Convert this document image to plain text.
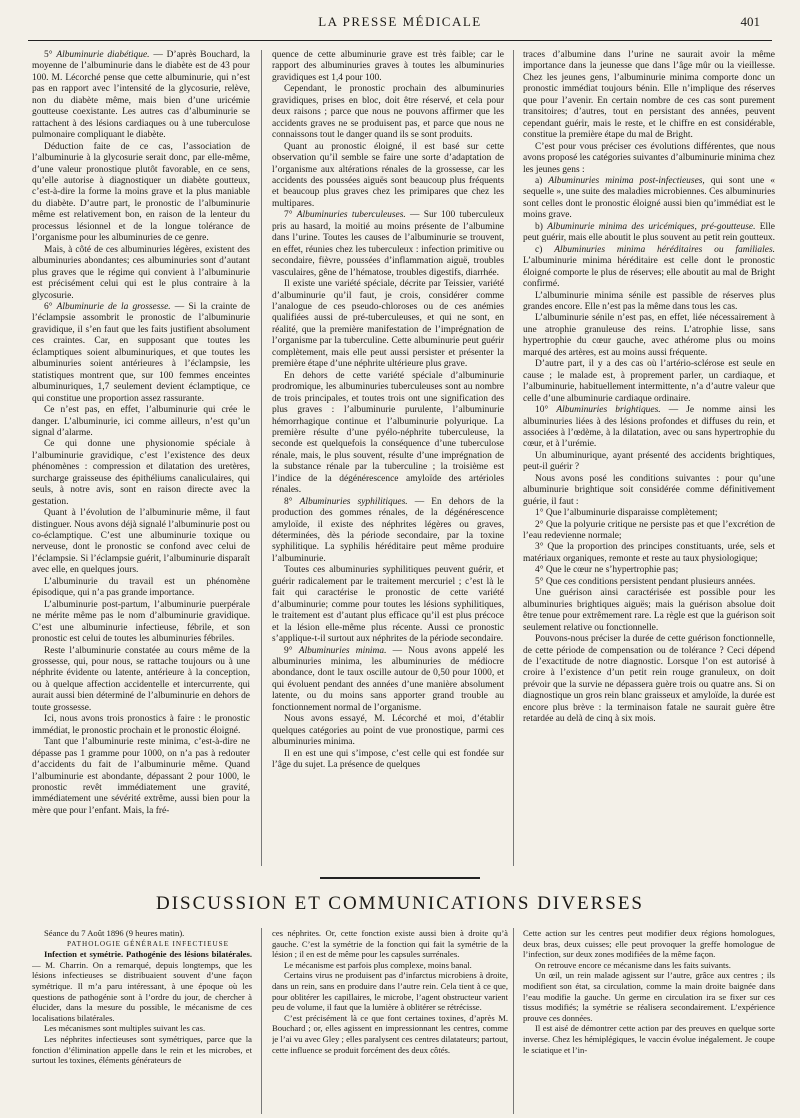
LA PRESSE MÉDICALE	401

5° Albuminurie diabétique. — D’après Bouchard, la moyenne de l’albuminurie dans le diabète est de 43 pour 100. M. Lécorché pense que cette albuminurie, qui n’est pas en rapport avec l’intensité de la glycosurie, relève, non du diabète même, mais bien d’une uricémie goutteuse coexistante. Les autres cas d’albuminurie se rattachent à des lésions cardiaques ou à une tuberculose pulmonaire compliquant le diabète.

Déduction faite de ce cas, l’association de l’albuminurie à la glycosurie serait donc, par elle-même, d’une valeur pronostique plutôt favorable, en ce sens, qu’elle autorise à diagnostiquer un diabète goutteux, c’est-à-dire la forme la moins grave et la plus maniable du diabète. D’autre part, le pronostic de l’albuminurie même est relativement bon, en raison de la lenteur du processus lésionnel et de la longue tolérance de l’organisme pour les albuminuries de ce genre.

Mais, à côté de ces albuminuries légères, existent des albuminuries abondantes; ces albuminuries sont d’autant plus graves que le régime qui convient à l’albuminurie est précisément celui qui est le plus contraire à la glycosurie.

6° Albuminurie de la grossesse. — Si la crainte de l’éclampsie assombrit le pronostic de l’albuminurie gravidique, il s’en faut que les faits justifient absolument ces craintes. Car, en supposant que toutes les éclamptiques soient albuminuriques, et que toutes les albuminuries soient antérieures à l’éclampsie, les statistiques montrent que, sur 100 femmes enceintes albuminuriques, 1,7 seulement devient éclamptique, ce qui constitue une proportion assez rassurante.

Ce n’est pas, en effet, l’albuminurie qui crée le danger. L’albuminurie, ici comme ailleurs, n’est qu’un signal d’alarme.

Ce qui donne une physionomie spéciale à l’albuminurie gravidique, c’est l’existence des deux phénomènes : compression et dilatation des uretères, surcharge graisseuse des épithéliums canaliculaires, qui seuls, à notre avis, sont en raison directe avec la gestation.

Quant à l’évolution de l’albuminurie même, il faut distinguer. Nous avons déjà signalé l’albuminurie post ou co-éclamptique. C’est une albuminurie toxique ou nerveuse, dont le pronostic se confond avec celui de l’éclampsie. Si l’éclampsie guérit, l’albuminurie disparaît avec elle, en quelques jours.

L’albuminurie du travail est un phénomène épisodique, qui n’a pas grande importance.

L’albuminurie post-partum, l’albuminurie puerpérale ne mérite même pas le nom d’albuminurie gravidique. C’est une albuminurie infectieuse, fébrile, et son pronostic est celui de toutes les albuminuries fébriles.

Reste l’albuminurie constatée au cours même de la grossesse, qui, pour nous, se rattache toujours ou à une néphrite évidente ou latente, antérieure à la conception, ou à quelque affection accidentelle et intercurrente, qui aurait aussi bien déterminé de l’albuminurie en dehors de toute grossesse.

Ici, nous avons trois pronostics à faire : le pronostic immédiat, le pronostic prochain et le pronostic éloigné.

Tant que l’albuminurie reste minima, c’est-à-dire ne dépasse pas 1 gramme pour 1000, on n’a pas à redouter d’accidents du fait de l’albuminurie même. Quand l’albuminurie est abondante, dépassant 2 pour 1000, le pronostic revêt immédiatement une gravité, immédiatement une sévérité extrême, aussi bien pour la mère que pour l’enfant. Mais, la fré-

quence de cette albuminurie grave est très faible; car le rapport des albuminuries graves à toutes les albuminuries gravidiques est 1,4 pour 100.

Cependant, le pronostic prochain des albuminuries gravidiques, prises en bloc, doit être réservé, et cela pour deux raisons ; parce que nous ne pouvons affirmer que les accidents graves ne se produisent pas, et parce que nous ne connaissons tout le danger quand ils se sont produits.

Quant au pronostic éloigné, il est basé sur cette observation qu’il semble se faire une sorte d’adaptation de l’organisme aux altérations rénales de la grossesse, car les accidents des poussées aiguës sont beaucoup plus fréquents et beaucoup plus graves chez les primipares que chez les multipares.

7° Albuminuries tuberculeuses. — Sur 100 tuberculeux pris au hasard, la moitié au moins présente de l’albumine dans l’urine. Toutes les causes de l’albuminurie se trouvent, en effet, réunies chez les tuberculeux : infection primitive ou secondaire, fièvre, poussées d’inflammation aiguë, troubles vasculaires, gêne de l’hématose, troubles digestifs, diarrhée.

Il existe une variété spéciale, décrite par Teissier, variété d’albuminurie qu’il faut, je crois, considérer comme l’analogue de ces pseudo-chloroses ou de ces anémies qualifiées aussi de pré-tuberculeuses, et qui ne sont, en réalité, que la première manifestation de l’imprégnation de l’organisme par la tuberculine. Cette albuminurie peut guérir complètement, mais elle peut aussi persister et présenter la première étape d’une néphrite ultérieure plus grave.

En dehors de cette variété spéciale d’albuminurie prodromique, les albuminuries tuberculeuses sont au nombre de trois principales, et toutes trois ont une signification des plus graves : l’albuminurie purulente, l’albuminurie hémorrhagique continue et l’albuminurie polyurique. La première résulte d’une pyélo-néphrite tuberculeuse, la seconde est quelquefois la conséquence d’une tuberculose rénale, mais, le plus souvent, résulte d’une imprégnation de la substance rénale par la tuberculine ; la troisième est l’indice de la dégénérescence amyloïde des artérioles rénales.

8° Albuminuries syphilitiques. — En dehors de la production des gommes rénales, de la dégénérescence amyloïde, il existe des néphrites légères ou graves, déterminées, dès la période secondaire, par la toxine syphilitique. La syphilis héréditaire peut même produire l’albuminurie.

Toutes ces albuminuries syphilitiques peuvent guérir, et guérir radicalement par le traitement mercuriel ; c’est là le fait qui caractérise le pronostic de cette variété d’albuminurie; comme pour toutes les lésions syphilitiques, le traitement est d’autant plus efficace qu’il est plus précoce et la lésion elle-même plus récente. Aussi ce pronostic s’applique-t-il surtout aux néphrites de la période secondaire.

9° Albuminuries minima. — Nous avons appelé les albuminuries minima, les albuminuries de médiocre abondance, dont le taux oscille autour de 0,50 pour 1000, et qui évoluent pendant des années d’une manière absolument latente, ou du moins sans apporter grand trouble au fonctionnement normal de l’organisme.

Nous avons essayé, M. Lécorché et moi, d’établir quelques catégories au point de vue pronostique, parmi ces albuminuries minima.

Il en est une qui s’impose, c’est celle qui est fondée sur l’âge du sujet. La présence de quelques

traces d’albumine dans l’urine ne saurait avoir la même importance dans la jeunesse que dans l’âge mûr ou la vieillesse. Chez les jeunes gens, l’albuminurie minima comporte donc un pronostic immédiat toujours bénin. Elle n’implique des réserves que pour l’avenir. En certain nombre de ces cas sont purement transitoires; d’autres, tout en persistant des années, peuvent cependant guérir, mais le reste, et le chiffre en est considérable, constitue la première étape du mal de Bright.

C’est pour vous préciser ces évolutions différentes, que nous avons proposé les catégories suivantes d’albuminurie minima chez les jeunes gens :

a) Albuminuries minima post-infectieuses, qui sont une « sequelle », une suite des maladies microbiennes. Ces albuminuries sont celles dont le pronostic éloigné aussi bien qu’immédiat est le moins grave.

b) Albuminurie minima des uricémiques, pré-goutteuse. Elle peut guérir, mais elle aboutit le plus souvent au petit rein goutteux.

c) Albuminuries minima héréditaires ou familiales. L’albuminurie minima héréditaire est celle dont le pronostic éloigné comporte le plus de réserves; elle aboutit au mal de Bright confirmé.

L’albuminurie minima sénile est passible de réserves plus grandes encore. Elle n’est pas la même dans tous les cas.

L’albuminurie sénile n’est pas, en effet, liée nécessairement à une atrophie granuleuse des reins. L’atrophie lisse, sans hypertrophie du cœur gauche, avec athérome plus ou moins marqué des artères, est au moins aussi fréquente.

D’autre part, il y a des cas où l’artério-sclérose est seule en cause ; le malade est, à proprement parler, un cardiaque, et l’albuminurie, habituellement intermittente, n’a d’autre valeur que celle d’une albuminurie cardiaque ordinaire.

10° Albuminuries brightiques. — Je nomme ainsi les albuminuries liées à des lésions profondes et diffuses du rein, et associées à l’œdème, à la dilatation, avec ou sans hypertrophie du cœur, et à l’urémie.

Un albuminurique, ayant présenté des accidents brightiques, peut-il guérir ?

Nous avons posé les conditions suivantes : pour qu’une albuminurie brightique soit considérée comme définitivement guérie, il faut :

1° Que l’albuminurie disparaisse complètement;

2° Que la polyurie critique ne persiste pas et que l’excrétion de l’eau redevienne normale;

3° Que la proportion des principes constituants, urée, sels et matériaux organiques, remonte et reste au taux physiologique;

4° Que le cœur ne s’hypertrophie pas;

5° Que ces conditions persistent pendant plusieurs années.

Une guérison ainsi caractérisée est possible pour les albuminuries brightiques aiguës; mais la guérison absolue doit être tenue pour extrêmement rare. La règle est que la guérison soit seulement relative ou fonctionnelle.

Pouvons-nous préciser la durée de cette guérison fonctionnelle, de cette période de compensation ou de tolérance ? Ceci dépend de l’exactitude de notre diagnostic. Lorsque l’on est autorisé à croire à l’existence d’un petit rein rouge granuleux, on doit prévoir que la survie ne dépassera guère trois ou quatre ans. Si on diagnostique un gros rein blanc graisseux et amyloïde, la durée est encore plus brève : la terminaison fatale ne saurait guère être retardée au delà de cinq à six mois.

DISCUSSION ET COMMUNICATIONS DIVERSES

Séance du 7 Août 1896 (9 heures matin).

PATHOLOGIE GÉNÉRALE INFECTIEUSE

Infection et symétrie. Pathogénie des lésions bilatérales. — M. Charrin. On a remarqué, depuis longtemps, que les lésions infectieuses se distribuaient souvent d’une façon symétrique. Il m’a paru intéressant, à une époque où les questions de pathogénie sont à l’ordre du jour, de chercher à élucider, dans la mesure du possible, le mécanisme de ces localisations bilatérales.

Les mécanismes sont multiples suivant les cas.

Les néphrites infectieuses sont symétriques, parce que la fonction d’élimination appelle dans le rein et les microbes, et surtout les toxines, éléments générateurs de

ces néphrites. Or, cette fonction existe aussi bien à droite qu’à gauche. C’est la symétrie de la fonction qui fait la symétrie de la lésion ; il en est de même pour les capsules surrénales.

Le mécanisme est parfois plus complexe, moins banal.

Certains virus ne produisent pas d’infarctus microbiens à droite, dans un rein, sans en produire dans l’autre rein. Cela tient à ce que, pour oblitérer les capillaires, le microbe, l’agent obstructeur varient peu de volume, il faut que la lumière à oblitérer se rétrécisse.

C’est précisément là ce que font certaines toxines, d’après M. Bouchard ; or, elles agissent en impressionnant les centres, comme je l’ai vu avec Gley ; elles paralysent ces centres dilatateurs; partout, cette influence se produit forcément des deux côtés.

Cette action sur les centres peut modifier deux régions homologues, deux bras, deux cuisses; elle peut provoquer la greffe homologue de l’infection, sur deux zones modifiées de la même façon.

On retrouve encore ce mécanisme dans les faits suivants.

Un œil, un rein malade agissent sur l’autre, grâce aux centres ; ils modifient son état, sa circulation, comme la main droite baignée dans l’eau modifie la gauche. Un germe en circulation ira se fixer sur ces tissus modifiés; la symétrie se réalisera secondairement. L’expérience prouve ces données.

Il est aisé de démontrer cette action par des preuves en quelque sorte inverse. Chez les hémiplégiques, le vaccin évolue inégalement. Je coupe le sciatique et l’in-
